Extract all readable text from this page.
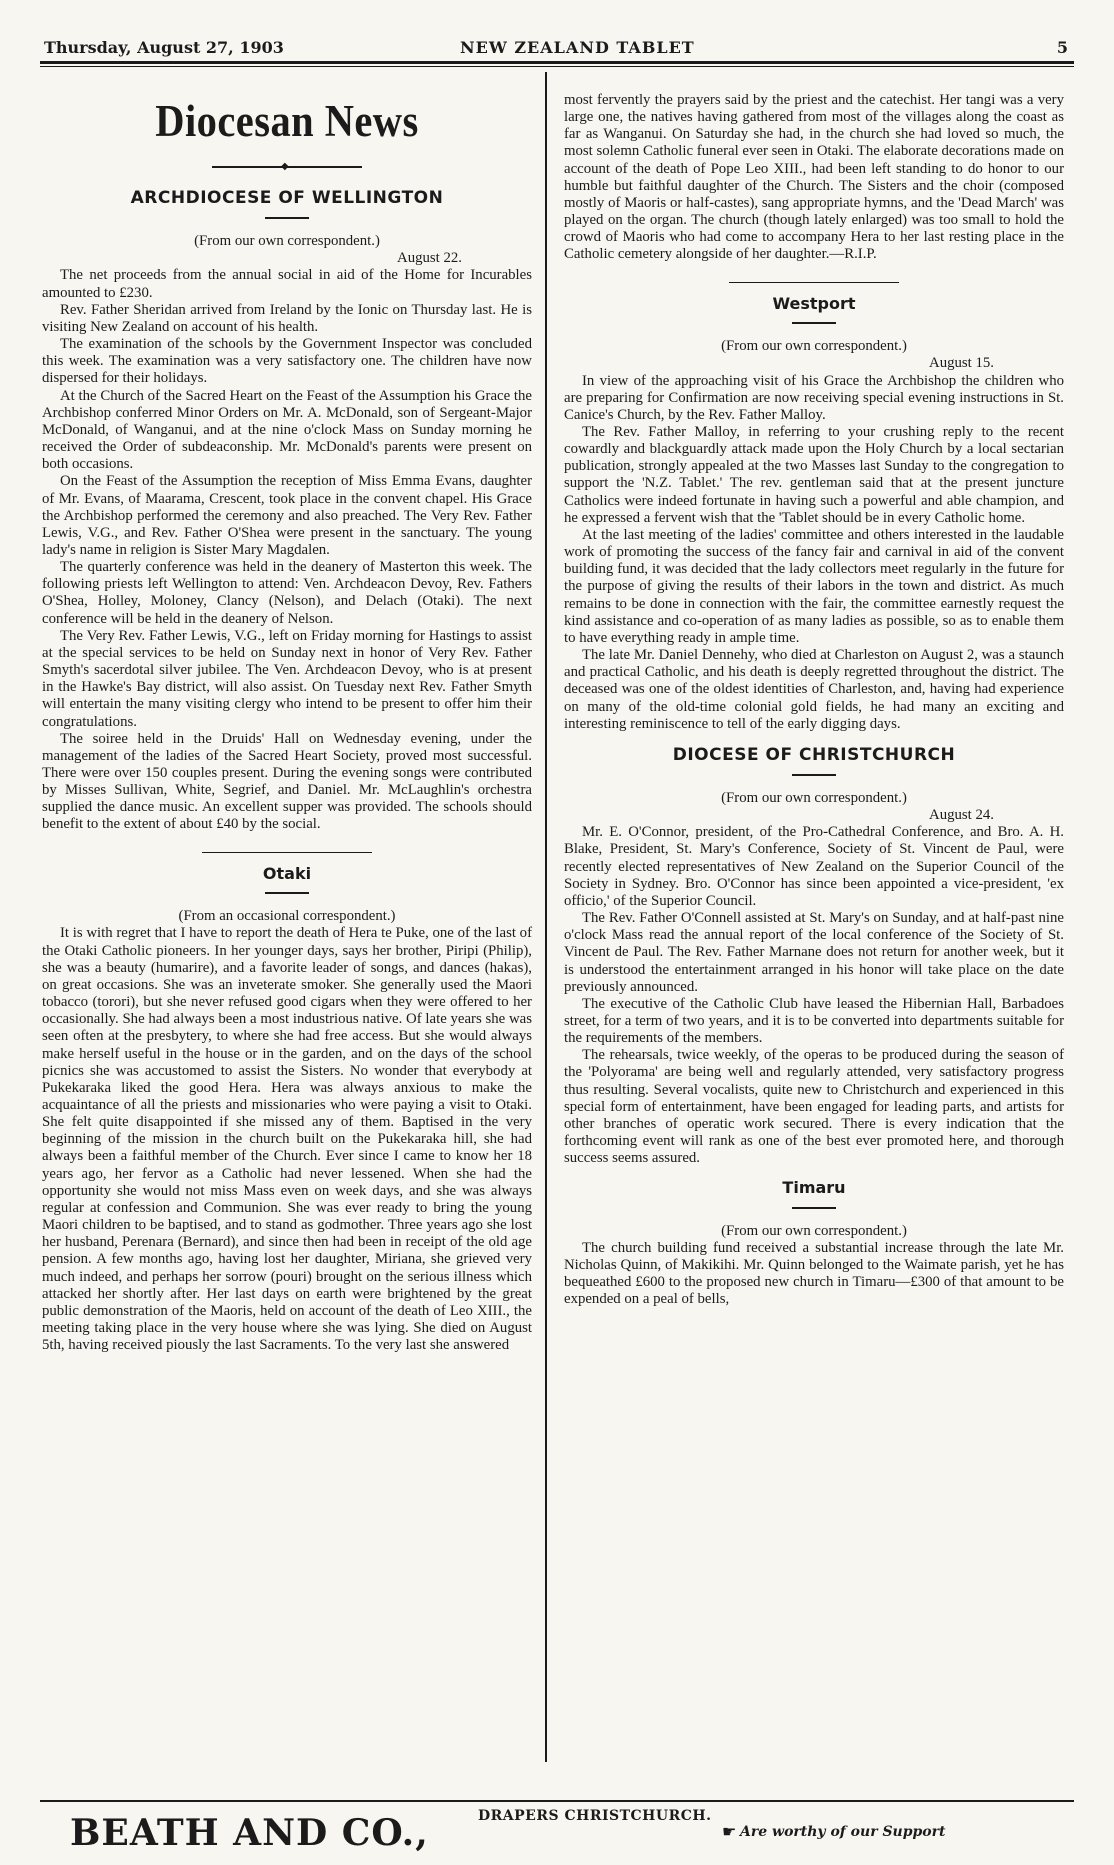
Thursday, August 27, 1903	NEW ZEALAND TABLET	5
Diocesan News
◆
ARCHDIOCESE OF WELLINGTON

(From our own correspondent.)

August 22.

The net proceeds from the annual social in aid of the Home for Incurables amounted to £230.

Rev. Father Sheridan arrived from Ireland by the Ionic on Thursday last. He is visiting New Zealand on account of his health.

The examination of the schools by the Government Inspector was concluded this week. The examination was a very satisfactory one. The children have now dispersed for their holidays.

At the Church of the Sacred Heart on the Feast of the Assumption his Grace the Archbishop conferred Minor Orders on Mr. A. McDonald, son of Sergeant-Major McDonald, of Wanganui, and at the nine o'clock Mass on Sunday morning he received the Order of subdeaconship. Mr. McDonald's parents were present on both occasions.

On the Feast of the Assumption the reception of Miss Emma Evans, daughter of Mr. Evans, of Maarama, Crescent, took place in the convent chapel. His Grace the Archbishop performed the ceremony and also preached. The Very Rev. Father Lewis, V.G., and Rev. Father O'Shea were present in the sanctuary. The young lady's name in religion is Sister Mary Magdalen.

The quarterly conference was held in the deanery of Masterton this week. The following priests left Wellington to attend: Ven. Archdeacon Devoy, Rev. Fathers O'Shea, Holley, Moloney, Clancy (Nelson), and Delach (Otaki). The next conference will be held in the deanery of Nelson.

The Very Rev. Father Lewis, V.G., left on Friday morning for Hastings to assist at the special services to be held on Sunday next in honor of Very Rev. Father Smyth's sacerdotal silver jubilee. The Ven. Archdeacon Devoy, who is at present in the Hawke's Bay district, will also assist. On Tuesday next Rev. Father Smyth will entertain the many visiting clergy who intend to be present to offer him their congratulations.

The soiree held in the Druids' Hall on Wednesday evening, under the management of the ladies of the Sacred Heart Society, proved most successful. There were over 150 couples present. During the evening songs were contributed by Misses Sullivan, White, Segrief, and Daniel. Mr. McLaughlin's orchestra supplied the dance music. An excellent supper was provided. The schools should benefit to the extent of about £40 by the social.

Otaki

(From an occasional correspondent.)

It is with regret that I have to report the death of Hera te Puke, one of the last of the Otaki Catholic pioneers. In her younger days, says her brother, Piripi (Philip), she was a beauty (humarire), and a favorite leader of songs, and dances (hakas), on great occasions. She was an inveterate smoker. She generally used the Maori tobacco (torori), but she never refused good cigars when they were offered to her occasionally. She had always been a most industrious native. Of late years she was seen often at the presbytery, to where she had free access. But she would always make herself useful in the house or in the garden, and on the days of the school picnics she was accustomed to assist the Sisters. No wonder that everybody at Pukekaraka liked the good Hera. Hera was always anxious to make the acquaintance of all the priests and missionaries who were paying a visit to Otaki. She felt quite disappointed if she missed any of them. Baptised in the very beginning of the mission in the church built on the Pukekaraka hill, she had always been a faithful member of the Church. Ever since I came to know her 18 years ago, her fervor as a Catholic had never lessened. When she had the opportunity she would not miss Mass even on week days, and she was always regular at confession and Communion. She was ever ready to bring the young Maori children to be baptised, and to stand as godmother. Three years ago she lost her husband, Perenara (Bernard), and since then had been in receipt of the old age pension. A few months ago, having lost her daughter, Miriana, she grieved very much indeed, and perhaps her sorrow (pouri) brought on the serious illness which attacked her shortly after. Her last days on earth were brightened by the great public demonstration of the Maoris, held on account of the death of Leo XIII., the meeting taking place in the very house where she was lying. She died on August 5th, having received piously the last Sacraments. To the very last she answered

most fervently the prayers said by the priest and the catechist. Her tangi was a very large one, the natives having gathered from most of the villages along the coast as far as Wanganui. On Saturday she had, in the church she had loved so much, the most solemn Catholic funeral ever seen in Otaki. The elaborate decorations made on account of the death of Pope Leo XIII., had been left standing to do honor to our humble but faithful daughter of the Church. The Sisters and the choir (composed mostly of Maoris or half-castes), sang appropriate hymns, and the 'Dead March' was played on the organ. The church (though lately enlarged) was too small to hold the crowd of Maoris who had come to accompany Hera to her last resting place in the Catholic cemetery alongside of her daughter.—R.I.P.

Westport

(From our own correspondent.)

August 15.

In view of the approaching visit of his Grace the Archbishop the children who are preparing for Confirmation are now receiving special evening instructions in St. Canice's Church, by the Rev. Father Malloy.

The Rev. Father Malloy, in referring to your crushing reply to the recent cowardly and blackguardly attack made upon the Holy Church by a local sectarian publication, strongly appealed at the two Masses last Sunday to the congregation to support the 'N.Z. Tablet.' The rev. gentleman said that at the present juncture Catholics were indeed fortunate in having such a powerful and able champion, and he expressed a fervent wish that the 'Tablet should be in every Catholic home.

At the last meeting of the ladies' committee and others interested in the laudable work of promoting the success of the fancy fair and carnival in aid of the convent building fund, it was decided that the lady collectors meet regularly in the future for the purpose of giving the results of their labors in the town and district. As much remains to be done in connection with the fair, the committee earnestly request the kind assistance and co-operation of as many ladies as possible, so as to enable them to have everything ready in ample time.

The late Mr. Daniel Dennehy, who died at Charleston on August 2, was a staunch and practical Catholic, and his death is deeply regretted throughout the district. The deceased was one of the oldest identities of Charleston, and, having had experience on many of the old-time colonial gold fields, he had many an exciting and interesting reminiscence to tell of the early digging days.

DIOCESE OF CHRISTCHURCH

(From our own correspondent.)

August 24.

Mr. E. O'Connor, president, of the Pro-Cathedral Conference, and Bro. A. H. Blake, President, St. Mary's Conference, Society of St. Vincent de Paul, were recently elected representatives of New Zealand on the Superior Council of the Society in Sydney. Bro. O'Connor has since been appointed a vice-president, 'ex officio,' of the Superior Council.

The Rev. Father O'Connell assisted at St. Mary's on Sunday, and at half-past nine o'clock Mass read the annual report of the local conference of the Society of St. Vincent de Paul. The Rev. Father Marnane does not return for another week, but it is understood the entertainment arranged in his honor will take place on the date previously announced.

The executive of the Catholic Club have leased the Hibernian Hall, Barbadoes street, for a term of two years, and it is to be converted into departments suitable for the requirements of the members.

The rehearsals, twice weekly, of the operas to be produced during the season of the 'Polyorama' are being well and regularly attended, very satisfactory progress thus resulting. Several vocalists, quite new to Christchurch and experienced in this special form of entertainment, have been engaged for leading parts, and artists for other branches of operatic work secured. There is every indication that the forthcoming event will rank as one of the best ever promoted here, and thorough success seems assured.

Timaru

(From our own correspondent.)

The church building fund received a substantial increase through the late Mr. Nicholas Quinn, of Makikihi. Mr. Quinn belonged to the Waimate parish, yet he has bequeathed £600 to the proposed new church in Timaru—£300 of that amount to be expended on a peal of bells,

BEATH AND CO.,	DRAPERS CHRISTCHURCH.
☛ Are worthy of our Support
